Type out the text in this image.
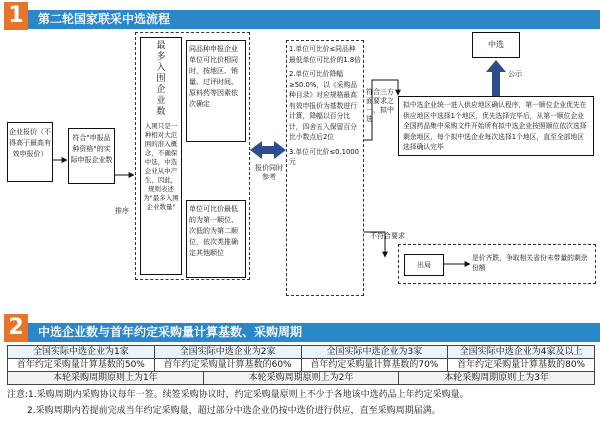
1	第二轮国家联采中选流程
企业报价（不得高于最高有效申报价）
符合"申报品种资格"的实际申报企业数
排序
最多入围企业数
入围只是一种相对大范围的准入概念，不确保中选，中选企业从中产生，因此，规则表述为"最多入围企业数量"
同品种申报企业单位可比价相同时，按地区、销量、过评时间、原料药等因素依次确定
单位可比价最低的为第一顺位、次低的为第二顺位，依次类推确定其他顺位
报价同时参考
1.单位可比价≤同品种最低单位可比价的1.8倍
2.单位可比价降幅≥50.0%，以《采购品种目录》对应规格最高有效申报价为基数进行计算，降幅以百分比计，四舍五入保留百分比小数点后2位
3.单位可比价≤0.1000元
符合三方面要求之一，拟中选
不符合要求
中选
公示
拟中选企业统一进入供应地区确认程序，第一顺位企业优先在供应地区中选择1个地区，优先选择完毕后，从第一顺位企业全国药品集中采购文件开始所有拟中选企业按照顺位依次选择剩余地区，每个拟中选企业每次选择1个地区，直至全部地区选择确认完毕
出局
是价齐跌，争取相关省份未带量的剩余份额
2	中选企业数与首年约定采购量计算基数、采购周期
全国实际中选企业为1家	全国实际中选企业为2家	全国实际中选企业为3家	全国实际中选企业为4家及以上
首年约定采购量计算基数的50%	首年约定采购量计算基数的60%	首年约定采购量计算基数的70%	首年约定采购量计算基数的80%
本轮采购周期原则上为1年	本轮采购周期原则上为2年	本轮采购周期原则上为3年
注意:1.采购周期内采购协议每年一签。续签采购协议时，约定采购量原则上不少于各地该中选药品上年约定采购量。
2.采购周期内若提前完成当年约定采购量，超过部分中选企业仍按中选价进行供应，直至采购周期届满。
